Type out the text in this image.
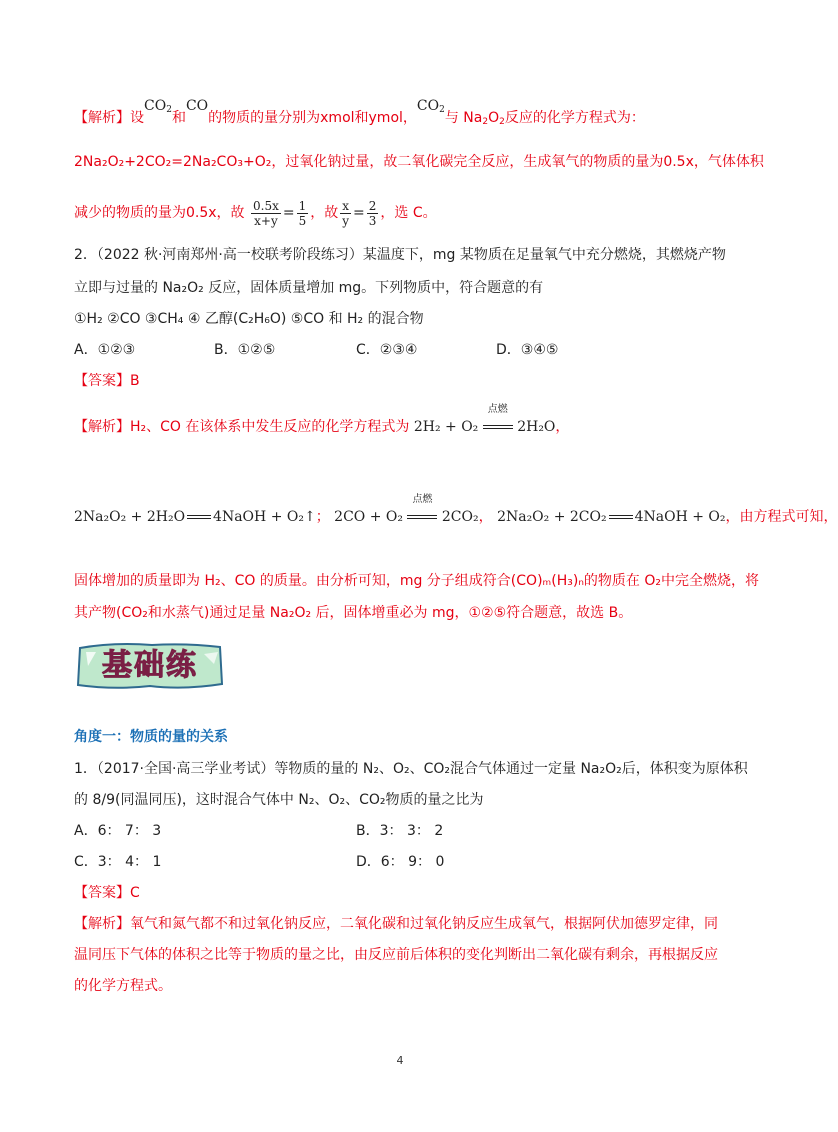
【解析】设$CO_2$和CO的物质的量分别为xmol和ymol，$CO_2$与 $Na_2O_2$反应的化学方程式为：
2Na₂O₂+2CO₂=2Na₂CO₃+O₂，过氧化钠过量，故二氧化碳完全反应，生成氧气的物质的量为0.5x，气体体积
减少的物质的量为0.5x，故 $\frac{0.5x}{x+y} = \frac{1}{5}$ ，故 $\frac{x}{y} = \frac{2}{3}$ ，选 C。
2．（2022 秋·河南郑州·高一校联考阶段练习）某温度下，mg 某物质在足量氧气中充分燃烧，其燃烧产物
立即与过量的 Na₂O₂ 反应，固体质量增加 mg。下列物质中，符合题意的有
①H₂ ②CO ③CH₄ ④ 乙醇(C₂H₆O) ⑤CO 和 H₂ 的混合物
A．①②③	B．①②⑤	C．②③④	D．③④⑤
【答案】B
【解析】H₂、CO 在该体系中发生反应的化学方程式为 2H₂ + O₂
点燃
2H₂O，
2Na₂O₂ + 2H₂O 4NaOH + O₂↑； 2CO + O₂
点燃
2CO₂， 2Na₂O₂ + 2CO₂ 4NaOH + O₂，由方程式可知，
固体增加的质量即为 H₂、CO 的质量。由分析可知，mg 分子组成符合(CO)ₘ(H₃)ₙ的物质在 O₂中完全燃烧，将
其产物(CO₂和水蒸气)通过足量 Na₂O₂ 后，固体增重必为 mg，①②⑤符合题意，故选 B。
基础练
角度一：物质的量的关系
1．（2017·全国·高三学业考试）等物质的量的 N₂、O₂、CO₂混合气体通过一定量 Na₂O₂后，体积变为原体积
的 8/9(同温同压)，这时混合气体中 N₂、O₂、CO₂物质的量之比为
A．6： 7： 3	B．3： 3： 2
C．3： 4： 1	D．6： 9： 0
【答案】C
【解析】氧气和氮气都不和过氧化钠反应，二氧化碳和过氧化钠反应生成氧气，根据阿伏加德罗定律，同
温同压下气体的体积之比等于物质的量之比，由反应前后体积的变化判断出二氧化碳有剩余，再根据反应
的化学方程式。
4
